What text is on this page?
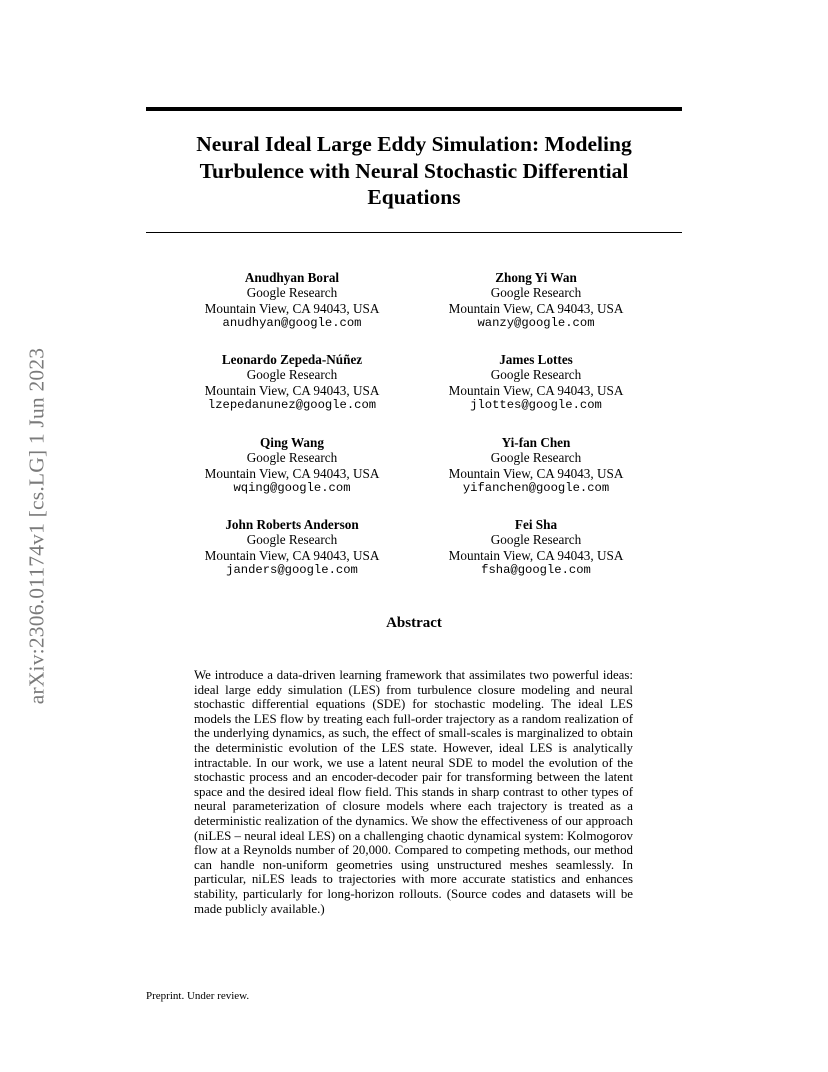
arXiv:2306.01174v1 [cs.LG] 1 Jun 2023
Neural Ideal Large Eddy Simulation: Modeling
Turbulence with Neural Stochastic Differential
Equations
Anudhyan Boral
Google Research
Mountain View, CA 94043, USA
anudhyan@google.com
Zhong Yi Wan
Google Research
Mountain View, CA 94043, USA
wanzy@google.com
Leonardo Zepeda-Núñez
Google Research
Mountain View, CA 94043, USA
lzepedanunez@google.com
James Lottes
Google Research
Mountain View, CA 94043, USA
jlottes@google.com
Qing Wang
Google Research
Mountain View, CA 94043, USA
wqing@google.com
Yi-fan Chen
Google Research
Mountain View, CA 94043, USA
yifanchen@google.com
John Roberts Anderson
Google Research
Mountain View, CA 94043, USA
janders@google.com
Fei Sha
Google Research
Mountain View, CA 94043, USA
fsha@google.com
Abstract
We introduce a data-driven learning framework that assimilates two powerful ideas: ideal large eddy simulation (LES) from turbulence closure modeling and neural stochastic differential equations (SDE) for stochastic modeling. The ideal LES models the LES flow by treating each full-order trajectory as a random realization of the underlying dynamics, as such, the effect of small-scales is marginalized to obtain the deterministic evolution of the LES state. However, ideal LES is analytically intractable. In our work, we use a latent neural SDE to model the evolution of the stochastic process and an encoder-decoder pair for transforming between the latent space and the desired ideal flow field. This stands in sharp contrast to other types of neural parameterization of closure models where each trajectory is treated as a deterministic realization of the dynamics. We show the effectiveness of our approach (niLES – neural ideal LES) on a challenging chaotic dynamical system: Kolmogorov flow at a Reynolds number of 20,000. Compared to competing methods, our method can handle non-uniform geometries using unstructured meshes seamlessly. In particular, niLES leads to trajectories with more accurate statistics and enhances stability, particularly for long-horizon rollouts. (Source codes and datasets will be made publicly available.)
Preprint. Under review.
